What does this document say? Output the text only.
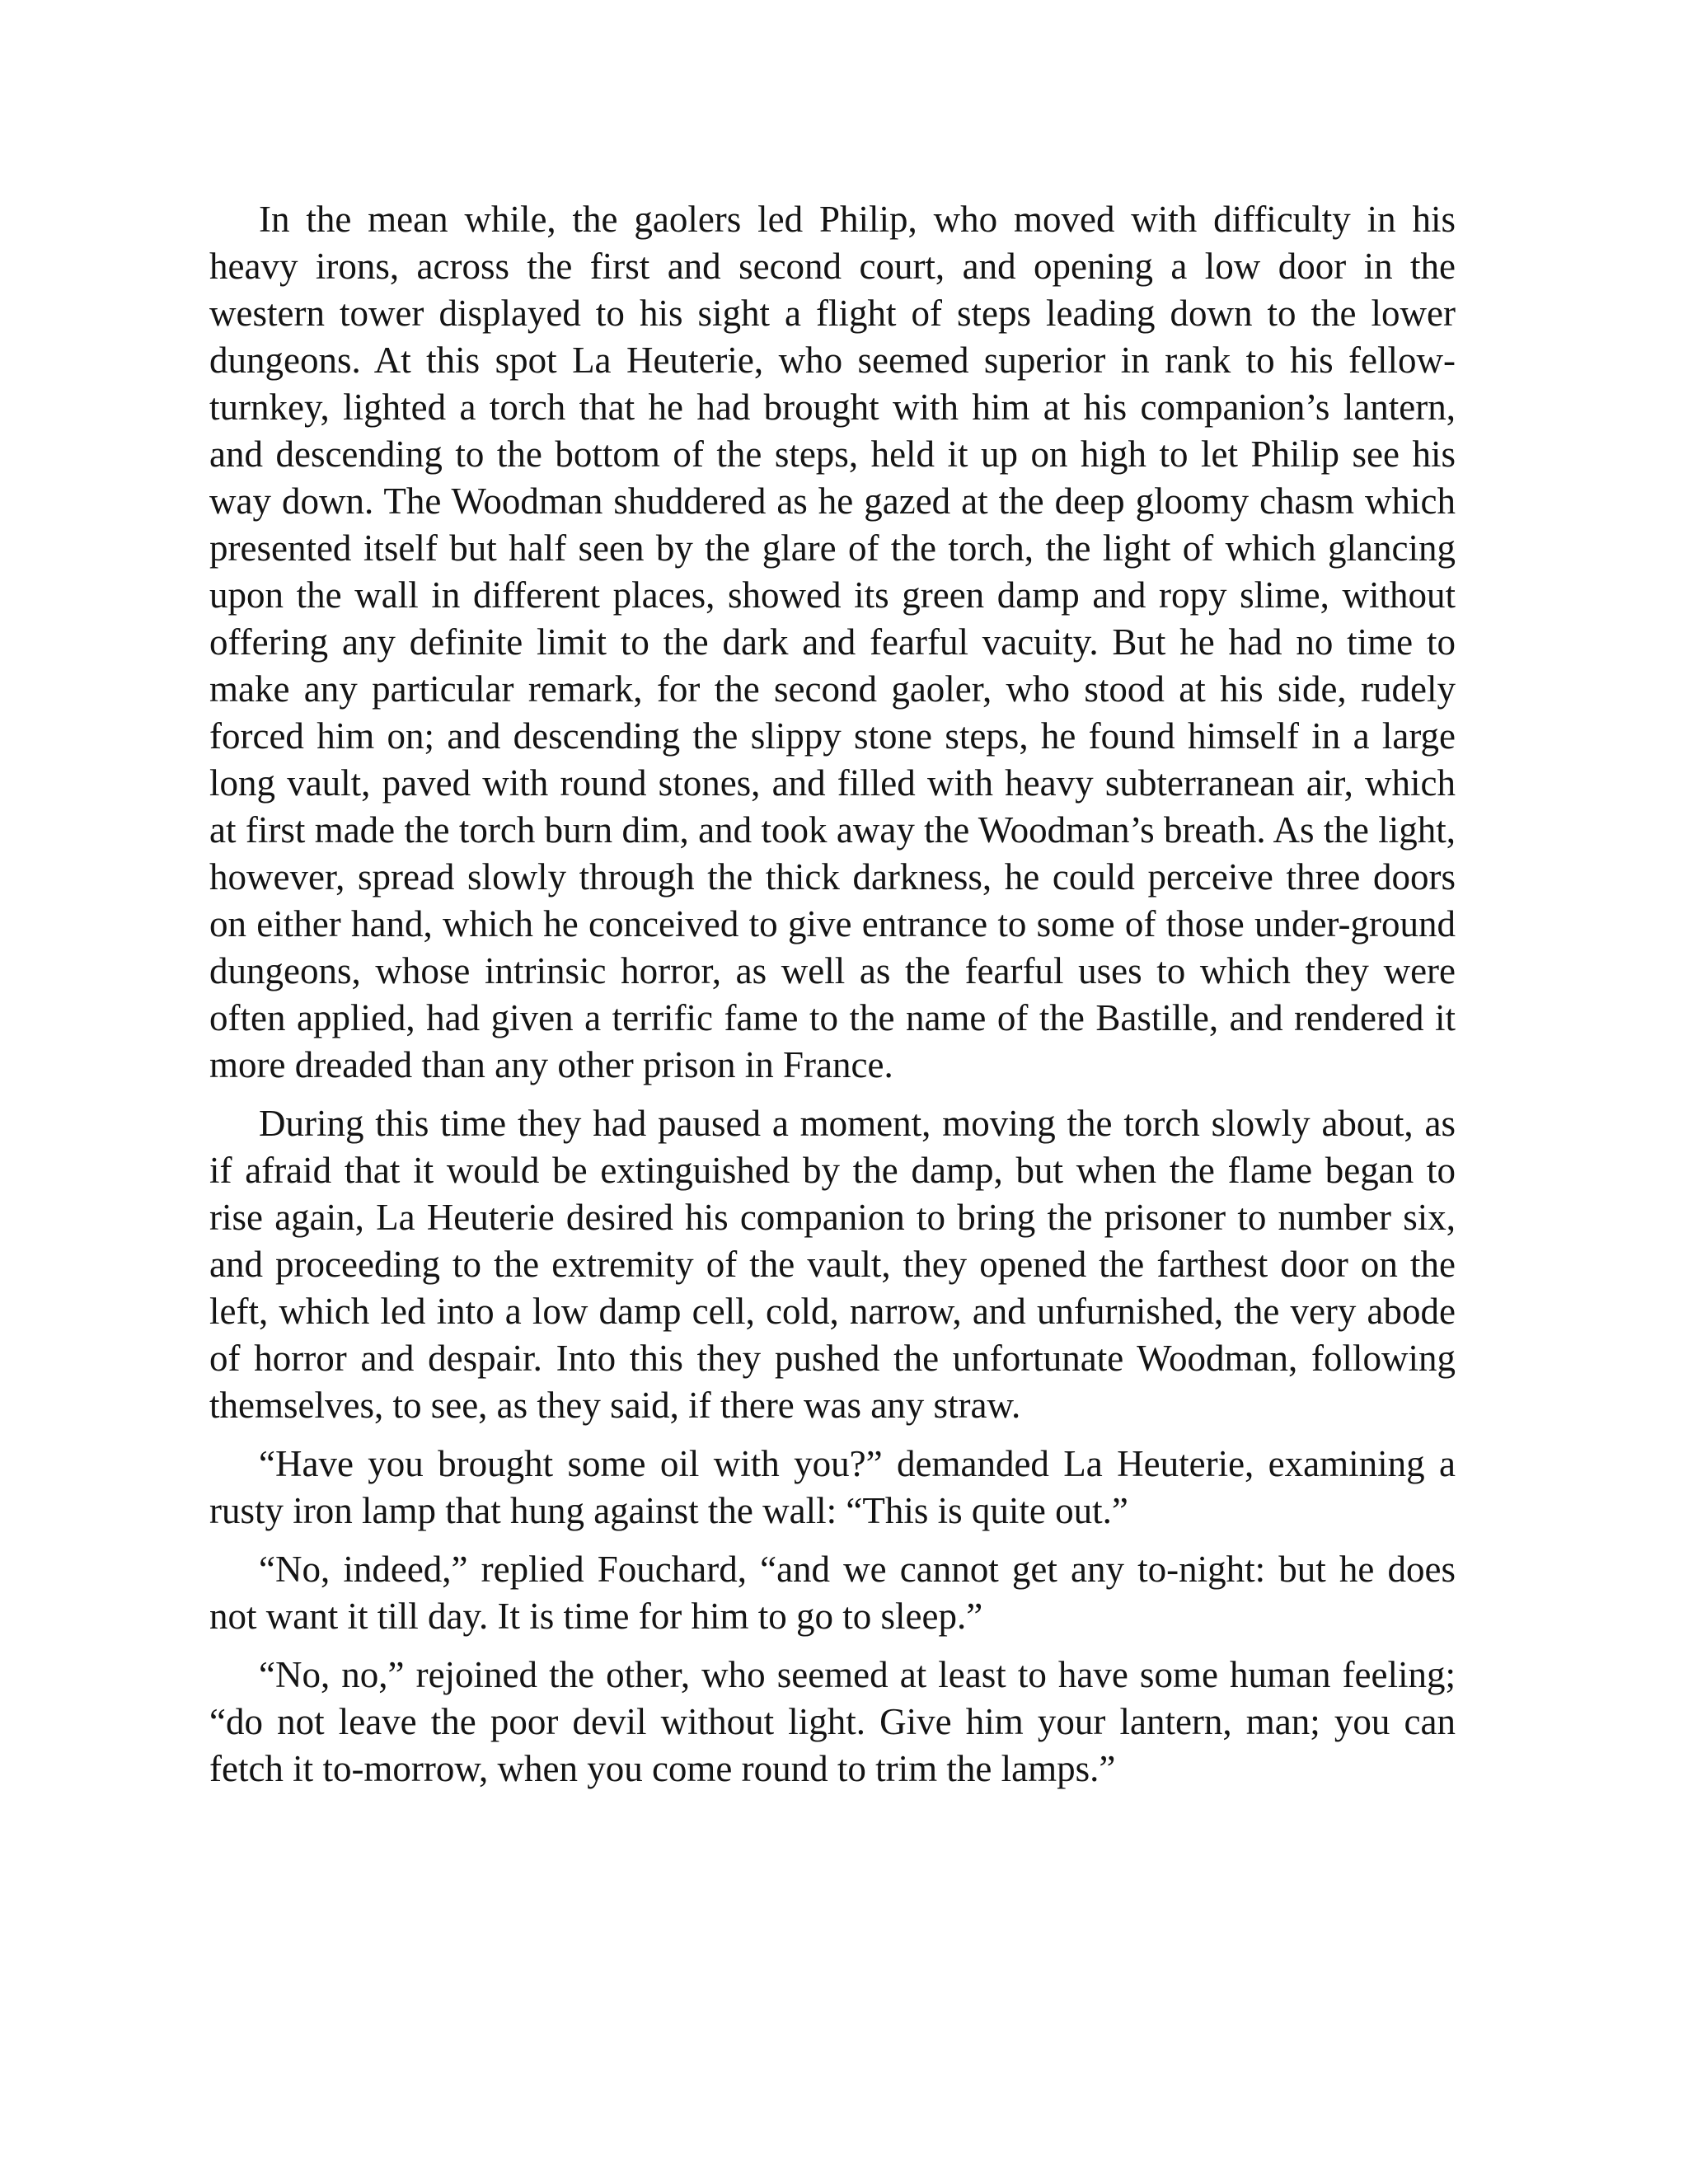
In the mean while, the gaolers led Philip, who moved with difficulty in his heavy irons, across the first and second court, and opening a low door in the western tower displayed to his sight a flight of steps leading down to the lower dungeons. At this spot La Heuterie, who seemed superior in rank to his fellow-turnkey, lighted a torch that he had brought with him at his companion’s lantern, and descending to the bottom of the steps, held it up on high to let Philip see his way down. The Woodman shuddered as he gazed at the deep gloomy chasm which presented itself but half seen by the glare of the torch, the light of which glancing upon the wall in different places, showed its green damp and ropy slime, without offering any definite limit to the dark and fearful vacuity. But he had no time to make any particular remark, for the second gaoler, who stood at his side, rudely forced him on; and descending the slippy stone steps, he found himself in a large long vault, paved with round stones, and filled with heavy subterranean air, which at first made the torch burn dim, and took away the Woodman’s breath. As the light, however, spread slowly through the thick darkness, he could perceive three doors on either hand, which he conceived to give entrance to some of those under-ground dungeons, whose intrinsic horror, as well as the fearful uses to which they were often applied, had given a terrific fame to the name of the Bastille, and rendered it more dreaded than any other prison in France.

During this time they had paused a moment, moving the torch slowly about, as if afraid that it would be extinguished by the damp, but when the flame began to rise again, La Heuterie desired his companion to bring the prisoner to number six, and proceeding to the extremity of the vault, they opened the farthest door on the left, which led into a low damp cell, cold, narrow, and unfurnished, the very abode of horror and despair. Into this they pushed the unfortunate Woodman, following themselves, to see, as they said, if there was any straw.

“Have you brought some oil with you?” demanded La Heuterie, examining a rusty iron lamp that hung against the wall: “This is quite out.”

“No, indeed,” replied Fouchard, “and we cannot get any to-night: but he does not want it till day. It is time for him to go to sleep.”

“No, no,” rejoined the other, who seemed at least to have some human feeling; “do not leave the poor devil without light. Give him your lantern, man; you can fetch it to-morrow, when you come round to trim the lamps.”
